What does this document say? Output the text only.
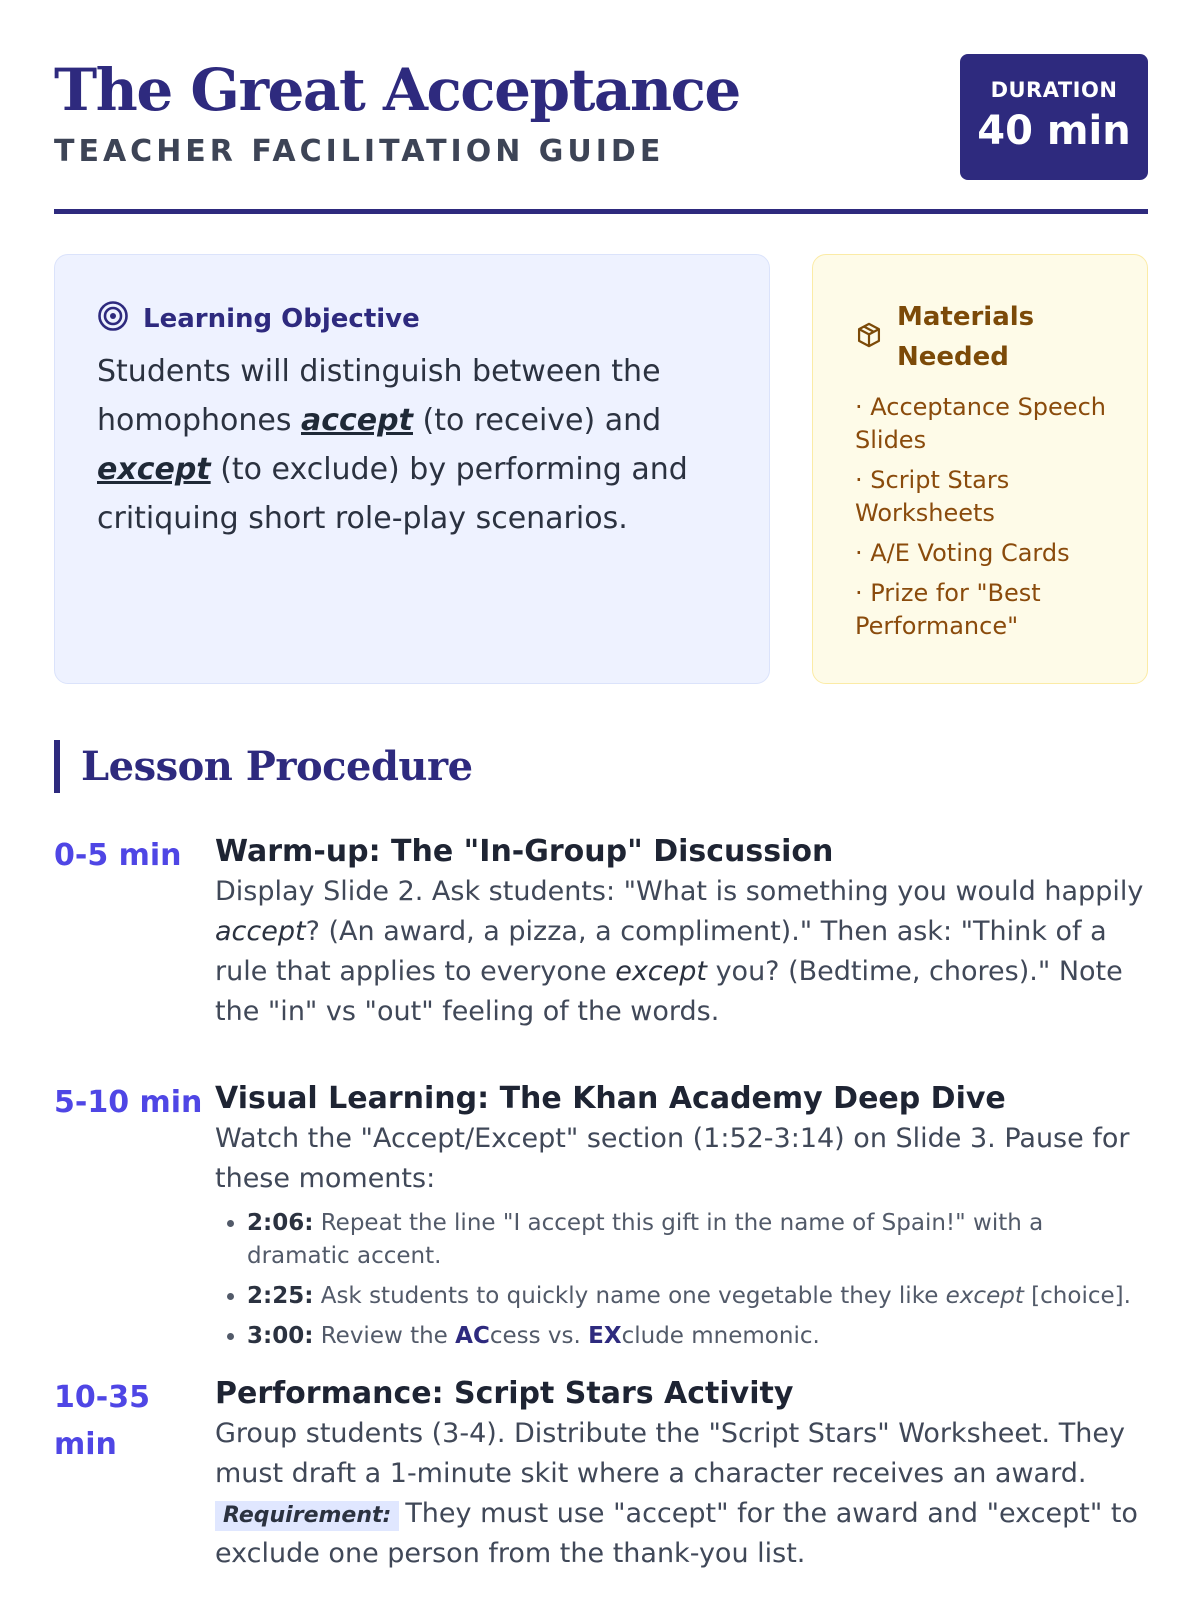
The Great Acceptance
TEACHER FACILITATION GUIDE
DURATION
40 min
Learning Objective
Students will distinguish between the homophones accept (to receive) and except (to exclude) by performing and critiquing short role-play scenarios.
Materials Needed
· Acceptance Speech Slides
· Script Stars Worksheets
· A/E Voting Cards
· Prize for "Best Performance"
Lesson Procedure
0-5 min	Warm-up: The "In-Group" Discussion
Display Slide 2. Ask students: "What is something you would happily accept? (An award, a pizza, a compliment)." Then ask: "Think of a rule that applies to everyone except you? (Bedtime, chores)." Note the "in" vs "out" feeling of the words.
5-10 min Visual Learning: The Khan Academy Deep Dive
Watch the "Accept/Except" section (1:52-3:14) on Slide 3. Pause for these moments:
• 2:06: Repeat the line "I accept this gift in the name of Spain!" with a dramatic accent.
• 2:25: Ask students to quickly name one vegetable they like except [choice].
• 3:00: Review the ACcess vs. EXclude mnemonic.
10-35 min
Performance: Script Stars Activity
Group students (3-4). Distribute the "Script Stars" Worksheet. They must draft a 1-minute skit where a character receives an award.
Requirement: They must use "accept" for the award and "except" to exclude one person from the thank-you list.
